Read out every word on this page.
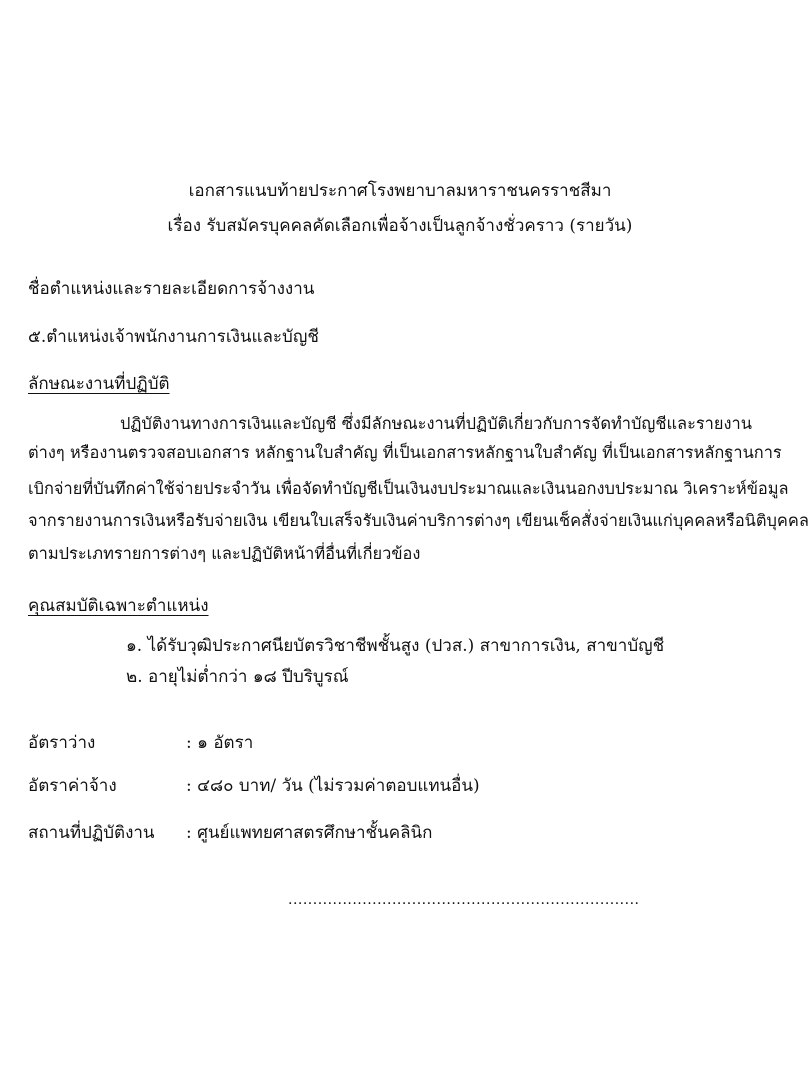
เอกสารแนบท้ายประกาศโรงพยาบาลมหาราชนครราชสีมา
เรื่อง รับสมัครบุคคลคัดเลือกเพื่อจ้างเป็นลูกจ้างชั่วคราว (รายวัน)
ชื่อตำแหน่งและรายละเอียดการจ้างงาน
๕.ตำแหน่งเจ้าพนักงานการเงินและบัญชี
ลักษณะงานที่ปฏิบัติ
ปฏิบัติงานทางการเงินและบัญชี ซึ่งมีลักษณะงานที่ปฏิบัติเกี่ยวกับการจัดทำบัญชีและรายงาน
ต่างๆ หรืองานตรวจสอบเอกสาร หลักฐานใบสำคัญ ที่เป็นเอกสารหลักฐานใบสำคัญ ที่เป็นเอกสารหลักฐานการ
เบิกจ่ายที่บันทึกค่าใช้จ่ายประจำวัน เพื่อจัดทำบัญชีเป็นเงินงบประมาณและเงินนอกงบประมาณ วิเคราะห์ข้อมูล
จากรายงานการเงินหรือรับจ่ายเงิน เขียนใบเสร็จรับเงินค่าบริการต่างๆ เขียนเช็คสั่งจ่ายเงินแก่บุคคลหรือนิติบุคคล
ตามประเภทรายการต่างๆ และปฏิบัติหน้าที่อื่นที่เกี่ยวข้อง
คุณสมบัติเฉพาะตำแหน่ง
๑. ได้รับวุฒิประกาศนียบัตรวิชาชีพชั้นสูง (ปวส.) สาขาการเงิน, สาขาบัญชี
๒. อายุไม่ต่ำกว่า ๑๘ ปีบริบูรณ์
อัตราว่าง	: ๑ อัตรา
อัตราค่าจ้าง	: ๔๘๐ บาท/ วัน (ไม่รวมค่าตอบแทนอื่น)
สถานที่ปฏิบัติงาน : ศูนย์แพทยศาสตรศึกษาชั้นคลินิก
.......................................................................
